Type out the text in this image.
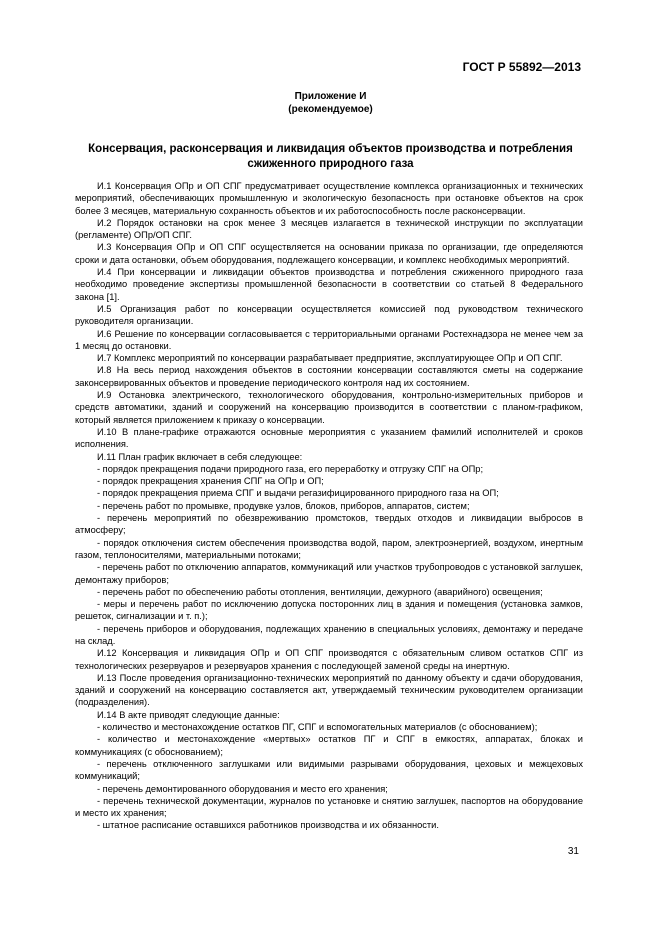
ГОСТ Р 55892—2013
Приложение И
(рекомендуемое)
Консервация, расконсервация и ликвидация объектов производства и потребления
сжиженного природного газа

И.1 Консервация ОПр и ОП СПГ предусматривает осуществление комплекса организационных и технических мероприятий, обеспечивающих промышленную и экологическую безопасность при остановке объектов на срок более 3 месяцев, материальную сохранность объектов и их работоспособность после расконсервации.

И.2 Порядок остановки на срок менее 3 месяцев излагается в технической инструкции по эксплуатации (регламенте) ОПр/ОП СПГ.

И.3 Консервация ОПр и ОП СПГ осуществляется на основании приказа по организации, где определяются сроки и дата остановки, объем оборудования, подлежащего консервации, и комплекс необходимых мероприятий.

И.4 При консервации и ликвидации объектов производства и потребления сжиженного природного газа необходимо проведение экспертизы промышленной безопасности в соответствии со статьей 8 Федерального закона [1].

И.5 Организация работ по консервации осуществляется комиссией под руководством технического руководителя организации.

И.6 Решение по консервации согласовывается с территориальными органами Ростехнадзора не менее чем за 1 месяц до остановки.

И.7 Комплекс мероприятий по консервации разрабатывает предприятие, эксплуатирующее ОПр и ОП СПГ.

И.8 На весь период нахождения объектов в состоянии консервации составляются сметы на содержание законсервированных объектов и проведение периодического контроля над их состоянием.

И.9 Остановка электрического, технологического оборудования, контрольно-измерительных приборов и средств автоматики, зданий и сооружений на консервацию производится в соответствии с планом-графиком, который является приложением к приказу о консервации.

И.10 В плане-графике отражаются основные мероприятия с указанием фамилий исполнителей и сроков исполнения.

И.11 План график включает в себя следующее:

- порядок прекращения подачи природного газа, его переработку и отгрузку СПГ на ОПр;

- порядок прекращения хранения СПГ на ОПр и ОП;

- порядок прекращения приема СПГ и выдачи регазифицированного природного газа на ОП;

- перечень работ по промывке, продувке узлов, блоков, приборов, аппаратов, систем;

- перечень мероприятий по обезвреживанию промстоков, твердых отходов и ликвидации выбросов в атмосферу;

- порядок отключения систем обеспечения производства водой, паром, электроэнергией, воздухом, инертным газом, теплоносителями, материальными потоками;

- перечень работ по отключению аппаратов, коммуникаций или участков трубопроводов с установкой заглушек, демонтажу приборов;

- перечень работ по обеспечению работы отопления, вентиляции, дежурного (аварийного) освещения;

- меры и перечень работ по исключению допуска посторонних лиц в здания и помещения (установка замков, решеток, сигнализации и т. п.);

- перечень приборов и оборудования, подлежащих хранению в специальных условиях, демонтажу и передаче на склад.

И.12 Консервация и ликвидация ОПр и ОП СПГ производятся с обязательным сливом остатков СПГ из технологических резервуаров и резервуаров хранения с последующей заменой среды на инертную.

И.13 После проведения организационно-технических мероприятий по данному объекту и сдачи оборудования, зданий и сооружений на консервацию составляется акт, утверждаемый техническим руководителем организации (подразделения).

И.14 В акте приводят следующие данные:

- количество и местонахождение остатков ПГ, СПГ и вспомогательных материалов (с обоснованием);

- количество и местонахождение «мертвых» остатков ПГ и СПГ в емкостях, аппаратах, блоках и коммуникациях (с обоснованием);

- перечень отключенного заглушками или видимыми разрывами оборудования, цеховых и межцеховых коммуникаций;

- перечень демонтированного оборудования и место его хранения;

- перечень технической документации, журналов по установке и снятию заглушек, паспортов на оборудование и место их хранения;

- штатное расписание оставшихся работников производства и их обязанности.

31
